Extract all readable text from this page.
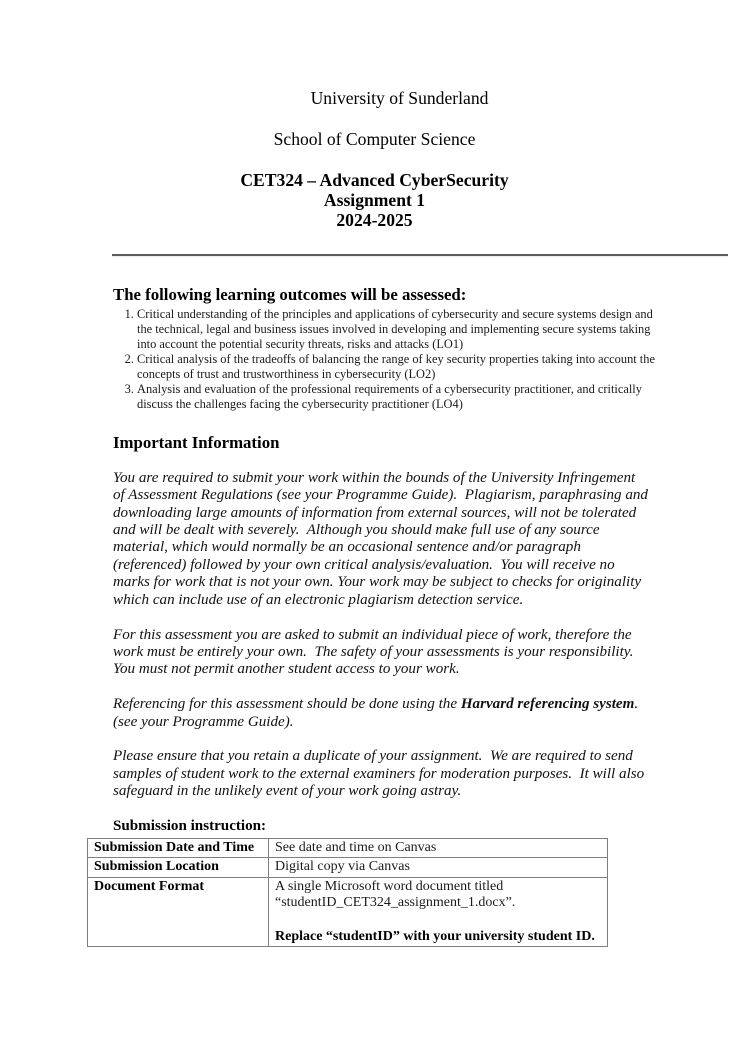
University of Sunderland
School of Computer Science
CET324 – Advanced CyberSecurity
Assignment 1
2024-2025
The following learning outcomes will be assessed:
1. Critical understanding of the principles and applications of cybersecurity and secure systems design and the technical, legal and business issues involved in developing and implementing secure systems taking into account the potential security threats, risks and attacks (LO1)
2. Critical analysis of the tradeoffs of balancing the range of key security properties taking into account the concepts of trust and trustworthiness in cybersecurity (LO2)
3. Analysis and evaluation of the professional requirements of a cybersecurity practitioner, and critically discuss the challenges facing the cybersecurity practitioner (LO4)
Important Information
You are required to submit your work within the bounds of the University Infringement of Assessment Regulations (see your Programme Guide).  Plagiarism, paraphrasing and downloading large amounts of information from external sources, will not be tolerated and will be dealt with severely.  Although you should make full use of any source material, which would normally be an occasional sentence and/or paragraph (referenced) followed by your own critical analysis/evaluation.  You will receive no marks for work that is not your own. Your work may be subject to checks for originality which can include use of an electronic plagiarism detection service.
For this assessment you are asked to submit an individual piece of work, therefore the work must be entirely your own.  The safety of your assessments is your responsibility.  You must not permit another student access to your work.
Referencing for this assessment should be done using the Harvard referencing system.
(see your Programme Guide).
Please ensure that you retain a duplicate of your assignment.  We are required to send samples of student work to the external examiners for moderation purposes.  It will also safeguard in the unlikely event of your work going astray.
Submission instruction:
Submission Date and Time	See date and time on Canvas
Submission Location	Digital copy via Canvas
Document Format	A single Microsoft word document titled “studentID_CET324_assignment_1.docx”.

Replace “studentID” with your university student ID.
